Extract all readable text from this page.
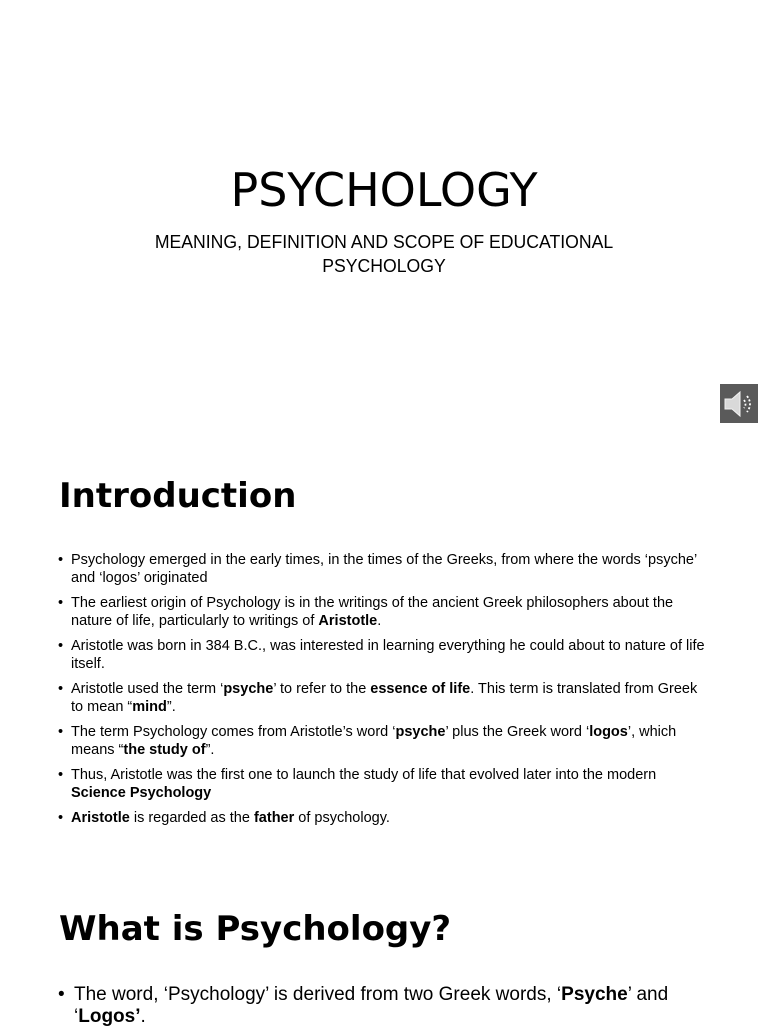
PSYCHOLOGY

MEANING, DEFINITION AND SCOPE OF EDUCATIONAL PSYCHOLOGY

Introduction
• Psychology emerged in the early times, in the times of the Greeks, from where the words ‘psyche’ and ‘logos’ originated
• The earliest origin of Psychology is in the writings of the ancient Greek philosophers about the nature of life, particularly to writings of Aristotle.
• Aristotle was born in 384 B.C., was interested in learning everything he could about to nature of life itself.
• Aristotle used the term ‘psyche’ to refer to the essence of life. This term is translated from Greek to mean “mind”.
• The term Psychology comes from Aristotle’s word ‘psyche’ plus the Greek word ‘logos’, which means “the study of”.
• Thus, Aristotle was the first one to launch the study of life that evolved later into the modern Science Psychology
• Aristotle is regarded as the father of psychology.
What is Psychology?
• The word, ‘Psychology’ is derived from two Greek words, ‘Psyche’ and ‘Logos’.
